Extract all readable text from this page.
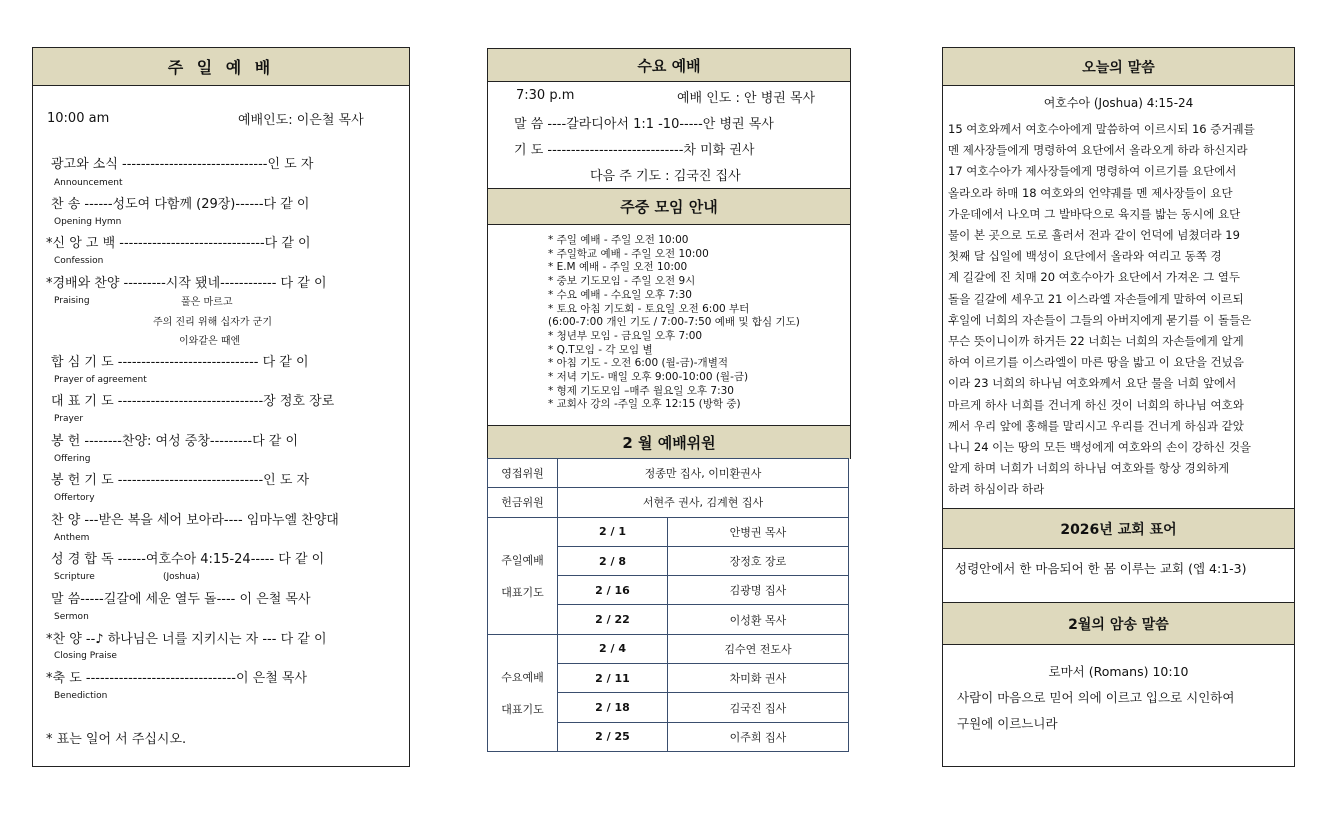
주 일 예 배
10:00 am	예배인도: 이은철 목사
광고와 소식 -------------------------------인 도 자
Announcement
찬 송 ------성도여 다함께 (29장)------다 같 이
Opening Hymn
*신 앙 고 백 -------------------------------다 같 이
Confession
*경배와 찬양 ---------시작 됐네------------ 다 같 이
Praising	풀은 마르고
주의 진리 위해 십자가 군기
이와같은 때엔
합 심 기 도 ------------------------------ 다 같 이
Prayer of agreement
대 표 기 도 -------------------------------장 정호 장로
Prayer
봉 헌 --------찬양: 여성 중창---------다 같 이
Offering
봉 헌 기 도 -------------------------------인 도 자
Offertory
찬 양 ---받은 복을 세어 보아라---- 임마누엘 찬양대
Anthem
성 경 합 독 ------여호수아 4:15-24----- 다 같 이
Scripture	(Joshua)
말 씀-----길갈에 세운 열두 돌---- 이 은철 목사
Sermon
*찬 양 --♪ 하나님은 너를 지키시는 자 --- 다 같 이
Closing Praise
*축 도 --------------------------------이 은철 목사
Benediction
* 표는 일어 서 주십시오.
수요 예배
7:30 p.m	예배 인도 : 안 병권 목사
말 씀 ----갈라디아서 1:1 -10-----안 병권 목사
기 도 -----------------------------차 미화 권사
다음 주 기도 : 김국진 집사
주중 모임 안내
* 주일 예배 - 주일 오전 10:00
* 주일학교 예배 - 주일 오전 10:00
* E.M 예배 - 주일 오전 10:00
* 중보 기도모임 - 주일 오전 9시
* 수요 예배 - 수요일 오후 7:30
* 토요 아침 기도회 - 토요일 오전 6:00 부터
(6:00-7:00 개인 기도 / 7:00-7:50 예배 및 합심 기도)
* 청년부 모임 - 금요일 오후 7:00
* Q.T모임 - 각 모임 별
* 아침 기도 - 오전 6:00 (월-금)-개별적
* 저녁 기도- 매일 오후 9:00-10:00 (월-금)
* 형제 기도모임 –매주 월요일 오후 7:30
* 교회사 강의 -주일 오후 12:15 (방학 중)
2 월 예배위원
영접위원	정종만 집사, 이미환권사	
헌금위원	서현주 권사, 김계현 집사	

주일예배
대표기도	2 / 1	안병권 목사
	2 / 8	장정호 장로
	2 / 16	김광명 집사
	2 / 22	이성환 목사

수요예배
대표기도	2 / 4	김수연 전도사
	2 / 11	차미화 권사
	2 / 18	김국진 집사
	2 / 25	이주희 집사
오늘의 말씀
여호수아 (Joshua) 4:15-24
15 여호와께서 여호수아에게 말씀하여 이르시되 16 증거궤를
멘 제사장들에게 명령하여 요단에서 올라오게 하라 하신지라
17 여호수아가 제사장들에게 명령하여 이르기를 요단에서
올라오라 하매 18 여호와의 언약궤를 멘 제사장들이 요단
가운데에서 나오며 그 발바닥으로 육지를 밟는 동시에 요단
물이 본 곳으로 도로 흘러서 전과 같이 언덕에 넘쳤더라 19
첫째 달 십일에 백성이 요단에서 올라와 여리고 동쪽 경
계 길갈에 진 치매 20 여호수아가 요단에서 가져온 그 열두
돌을 길갈에 세우고 21 이스라엘 자손들에게 말하여 이르되
후일에 너희의 자손들이 그들의 아버지에게 묻기를 이 돌들은
무슨 뜻이니이까 하거든 22 너희는 너희의 자손들에게 알게
하여 이르기를 이스라엘이 마른 땅을 밟고 이 요단을 건넜음
이라 23 너희의 하나님 여호와께서 요단 물을 너희 앞에서
마르게 하사 너희를 건너게 하신 것이 너희의 하나님 여호와
께서 우리 앞에 홍해를 말리시고 우리를 건너게 하심과 같았
나니 24 이는 땅의 모든 백성에게 여호와의 손이 강하신 것을
알게 하며 너희가 너희의 하나님 여호와를 항상 경외하게
하려 하심이라 하라
2026년 교회 표어
성령안에서 한 마음되어 한 몸 이루는 교회 (엡 4:1-3)
2월의 암송 말씀
로마서 (Romans) 10:10
사람이 마음으로 믿어 의에 이르고 입으로 시인하여
구원에 이르느니라
